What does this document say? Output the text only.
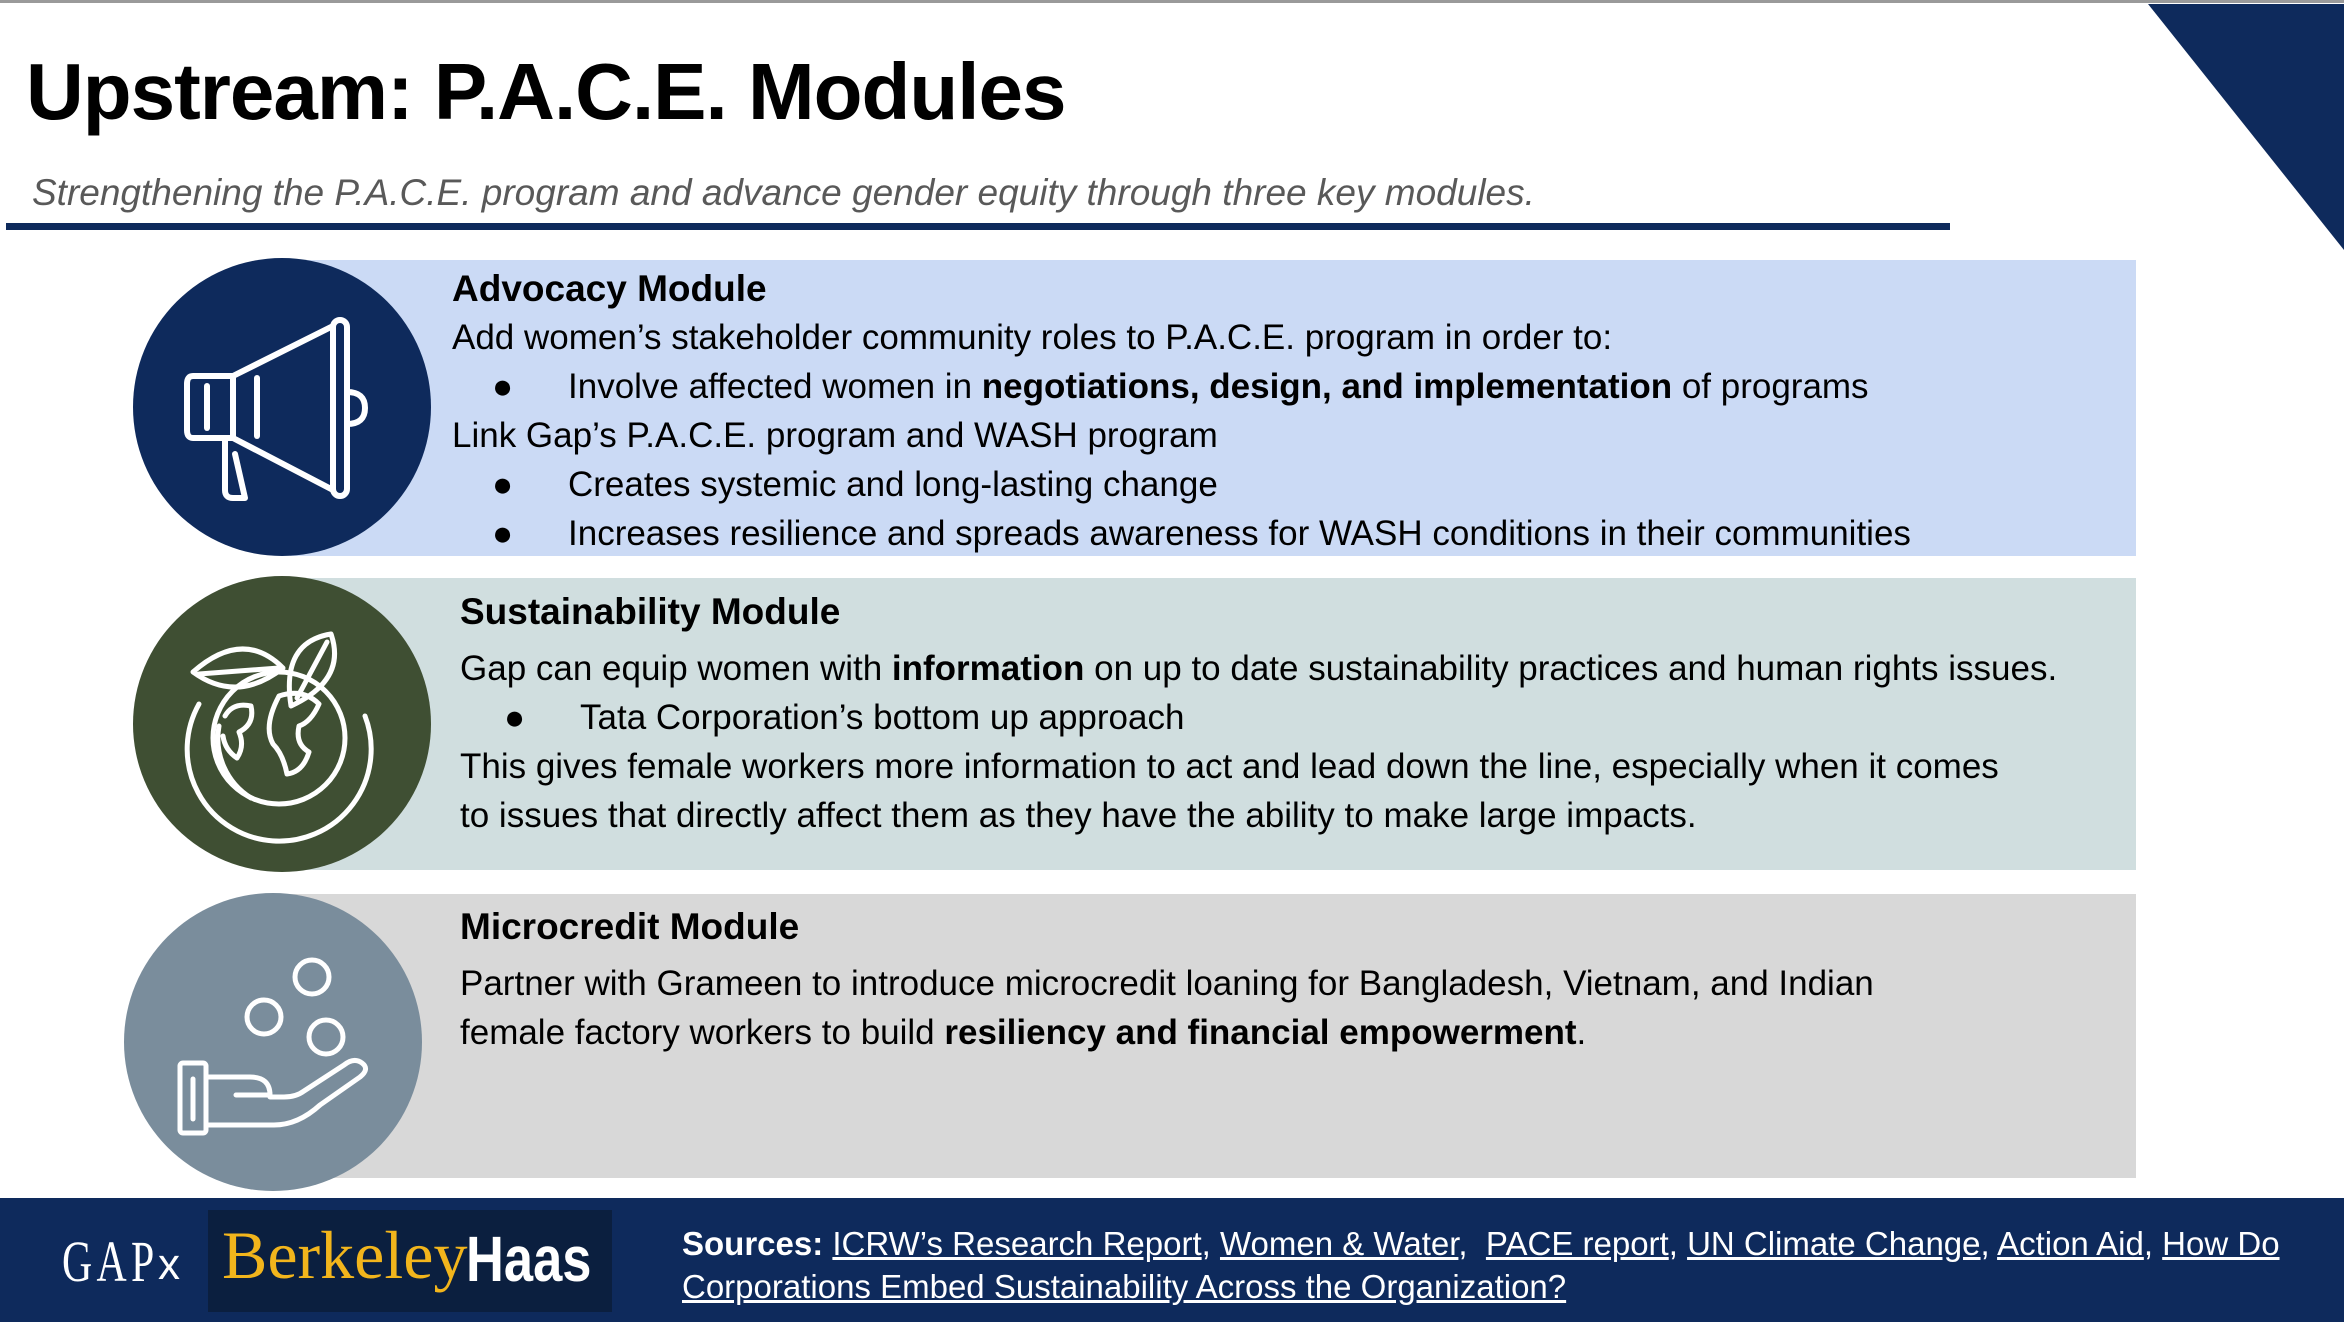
Upstream: P.A.C.E. Modules
Strengthening the P.A.C.E. program and advance gender equity through three key modules.

Advocacy Module

Add women’s stakeholder community roles to P.A.C.E. program in order to:

● Involve affected women in negotiations, design, and implementation of programs

Link Gap’s P.A.C.E. program and WASH program

● Creates systemic and long-lasting change

● Increases resilience and spreads awareness for WASH conditions in their communities

Sustainability Module

Gap can equip women with information on up to date sustainability practices and human rights issues.

● Tata Corporation’s bottom up approach

This gives female workers more information to act and lead down the line, especially when it comes

to issues that directly affect them as they have the ability to make large impacts.

Microcredit Module

Partner with Grameen to introduce microcredit loaning for Bangladesh, Vietnam, and Indian

female factory workers to build resiliency and financial empowerment.

GAP x Berkeley
Haas	Sources: ICRW’s Research Report, Women & Water,  PACE report, UN Climate Change, Action Aid, How Do Corporations Embed Sustainability Across the Organization?
